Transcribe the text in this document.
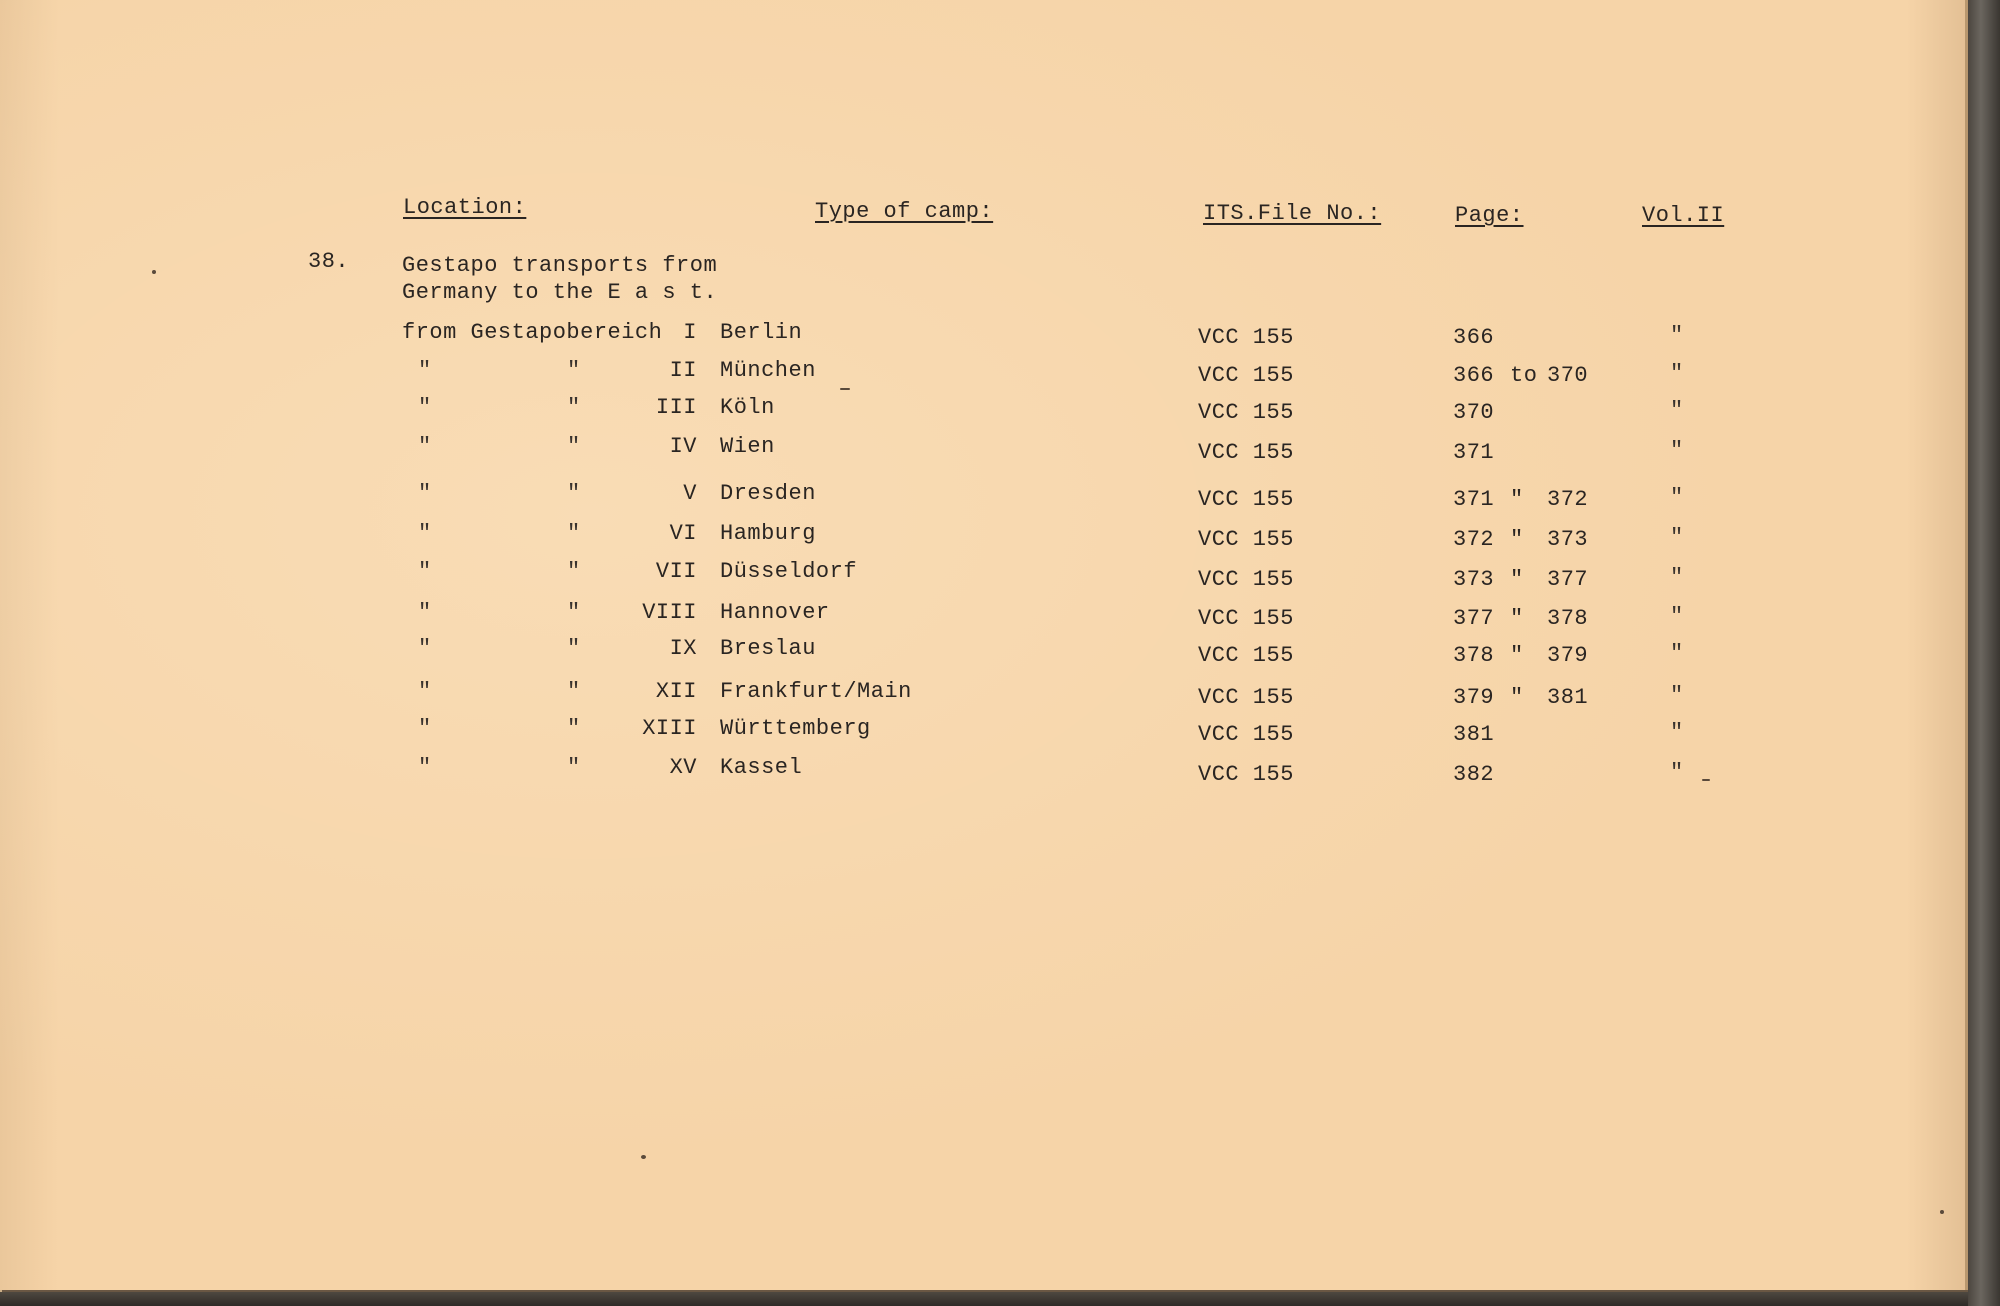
Location:	Type of camp:	ITS.File No.:	Page:	Vol.II
38. Gestapo transports from
Germany to the E a s t.
from Gestapobereich I Berlin	VCC 155	366	"
"	"	II München	VCC 155	366 to 370	"
"	"	III Köln	VCC 155	370	"
"	"	IV Wien	VCC 155	371	"
"	"	V Dresden	VCC 155	371 " 372	"
"	"	VI Hamburg	VCC 155	372 " 373	"
"	"	VII Düsseldorf	VCC 155	373 " 377	"
"	"	VIII Hannover	VCC 155	377 " 378	"
"	"	IX Breslau	VCC 155	378 " 379	"
"	"	XII Frankfurt/Main	VCC 155	379 " 381	"
"	"	XIII Württemberg	VCC 155	381	"
"	"	XV Kassel	VCC 155	382	"
